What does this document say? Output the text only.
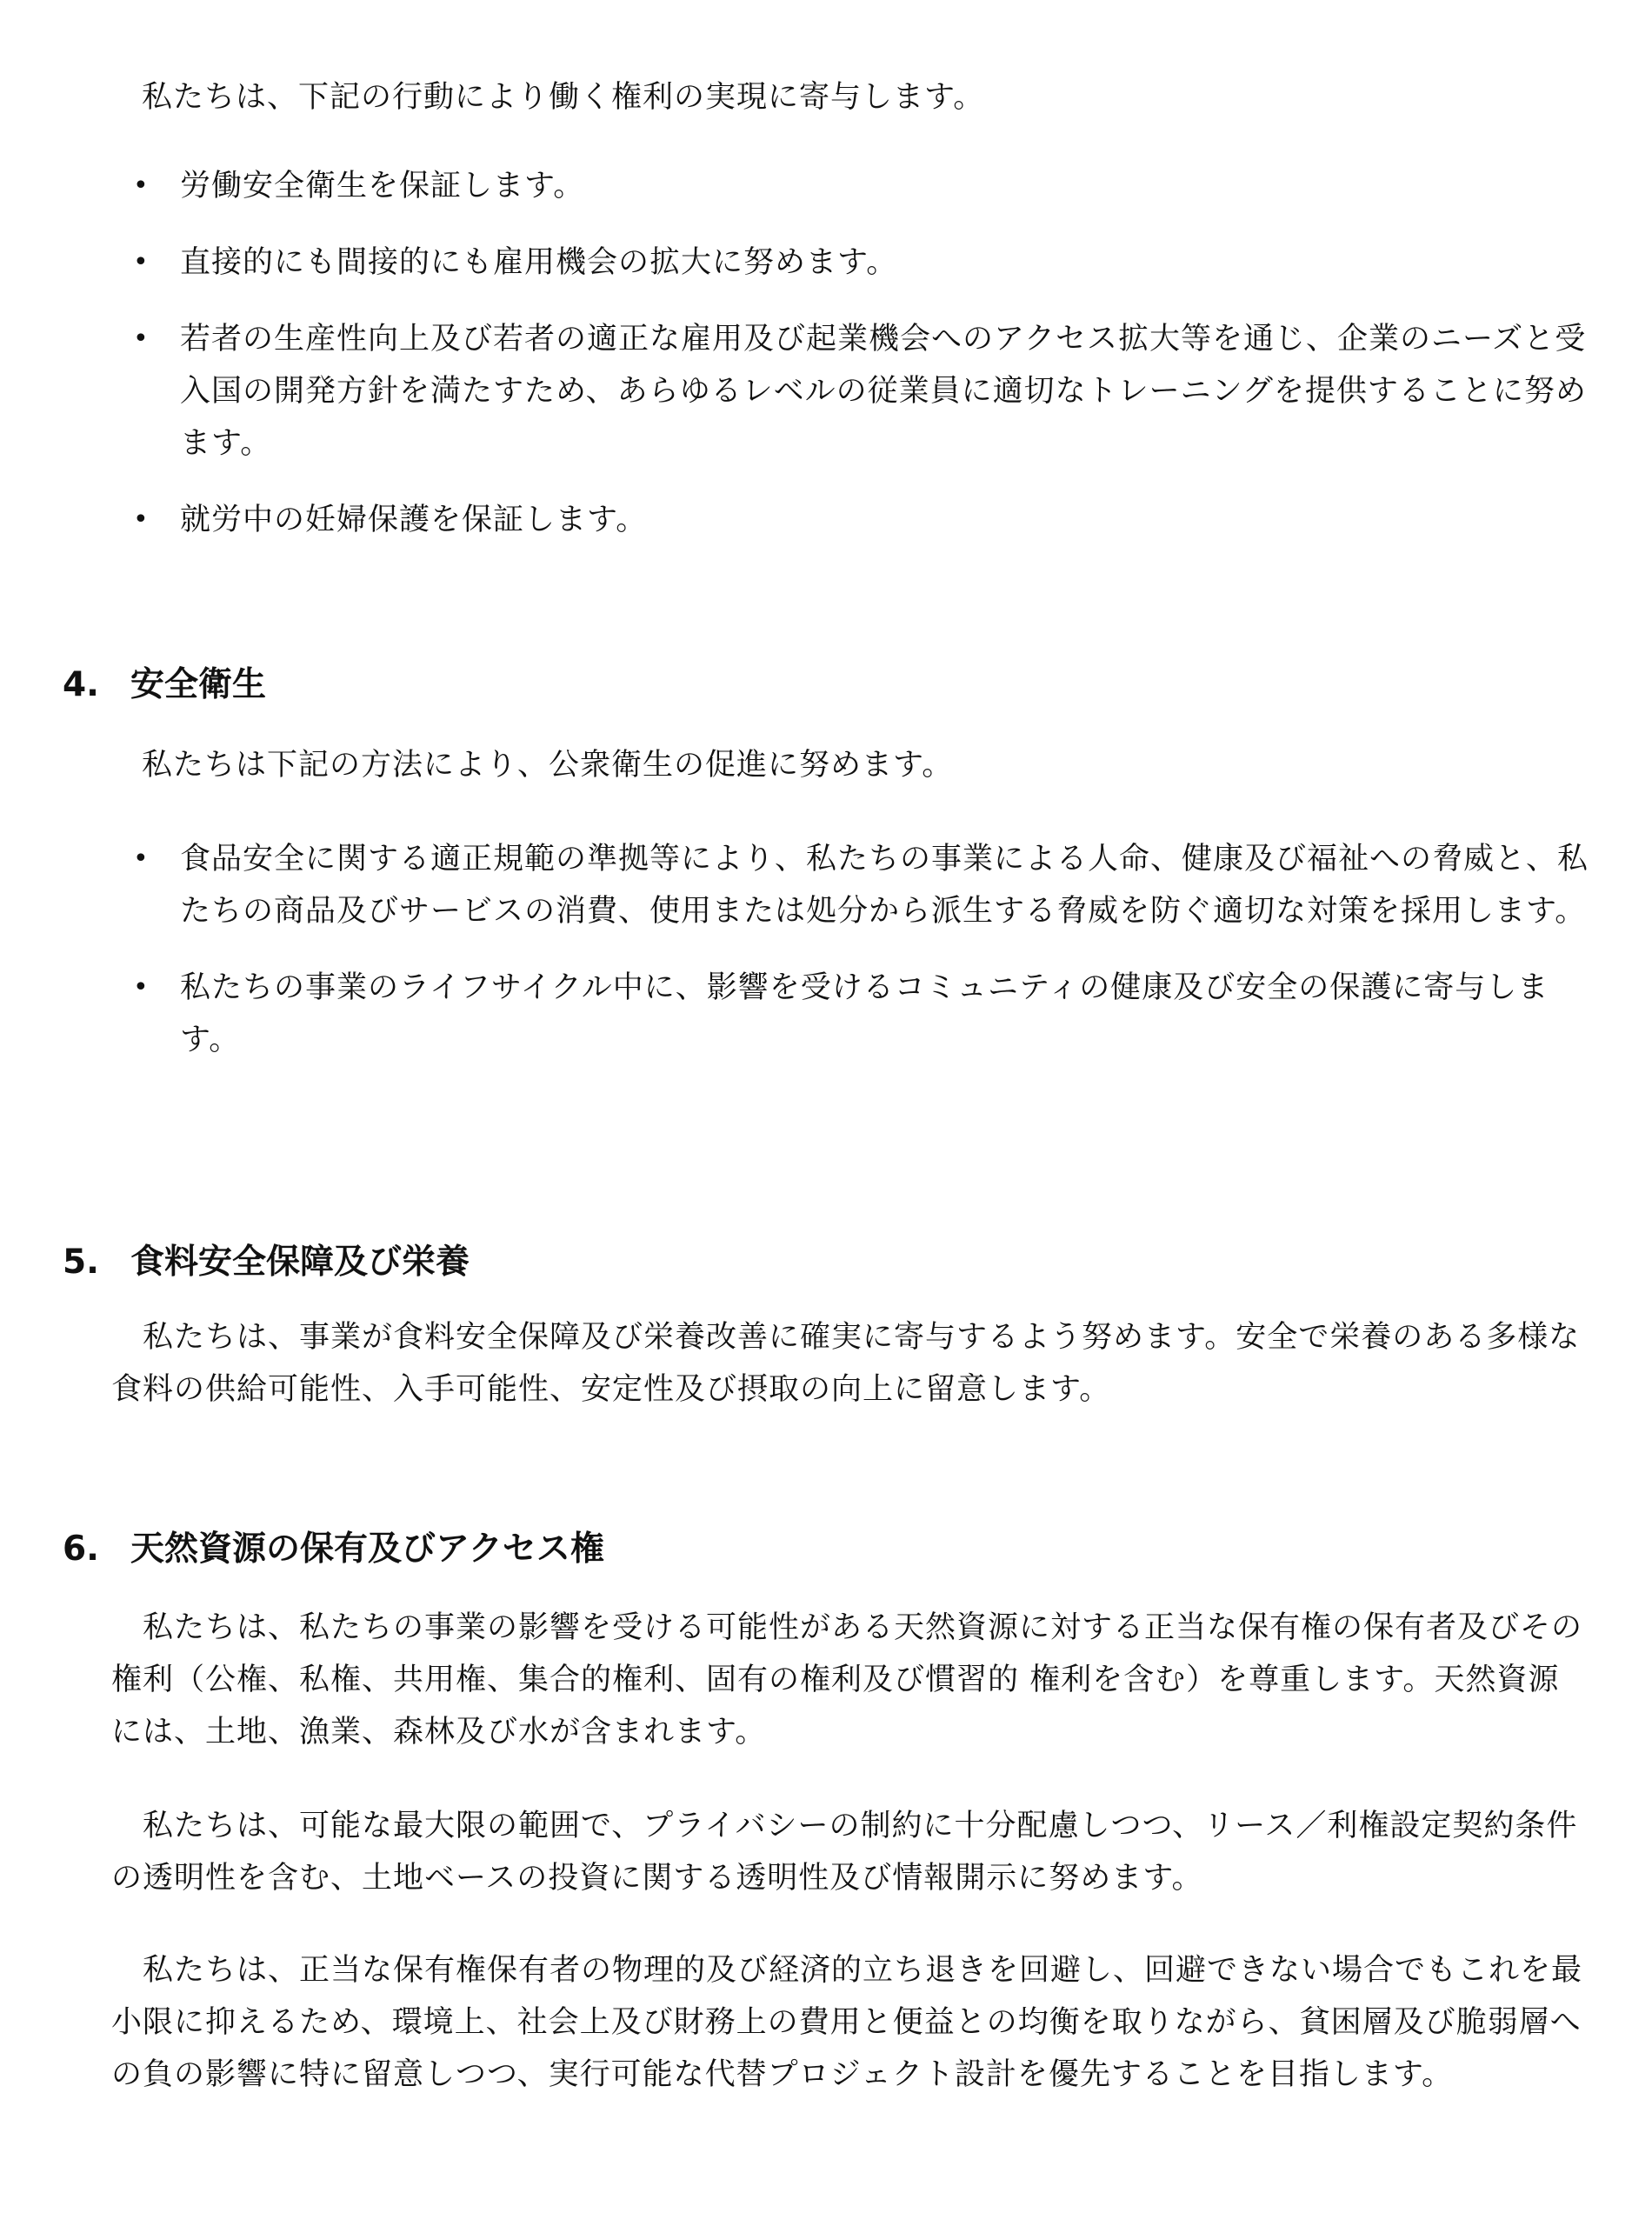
私たちは、下記の行動により働く権利の実現に寄与します。

• 労働安全衛生を保証します。
• 直接的にも間接的にも雇用機会の拡大に努めます。
• 若者の生産性向上及び若者の適正な雇用及び起業機会へのアクセス拡大等を通じ、企業のニーズと受入国の開発方針を満たすため、あらゆるレベルの従業員に適切なトレーニングを提供することに努めます。
• 就労中の妊婦保護を保証します。
4. 安全衛生

私たちは下記の方法により、公衆衛生の促進に努めます。

• 食品安全に関する適正規範の準拠等により、私たちの事業による人命、健康及び福祉への脅威と、私たちの商品及びサービスの消費、使用または処分から派生する脅威を防ぐ適切な対策を採用します。
• 私たちの事業のライフサイクル中に、影響を受けるコミュニティの健康及び安全の保護に寄与します。
5. 食料安全保障及び栄養

私たちは、事業が食料安全保障及び栄養改善に確実に寄与するよう努めます。安全で栄養のある多様な食料の供給可能性、入手可能性、安定性及び摂取の向上に留意します。

6. 天然資源の保有及びアクセス権

私たちは、私たちの事業の影響を受ける可能性がある天然資源に対する正当な保有権の保有者及びその権利（公権、私権、共用権、集合的権利、固有の権利及び慣習的 権利を含む）を尊重します。天然資源には、土地、漁業、森林及び水が含まれます。

私たちは、可能な最大限の範囲で、プライバシーの制約に十分配慮しつつ、リース／利権設定契約条件の透明性を含む、土地ベースの投資に関する透明性及び情報開示に努めます。

私たちは、正当な保有権保有者の物理的及び経済的立ち退きを回避し、回避できない場合でもこれを最小限に抑えるため、環境上、社会上及び財務上の費用と便益との均衡を取りながら、貧困層及び脆弱層への負の影響に特に留意しつつ、実行可能な代替プロジェクト設計を優先することを目指します。
